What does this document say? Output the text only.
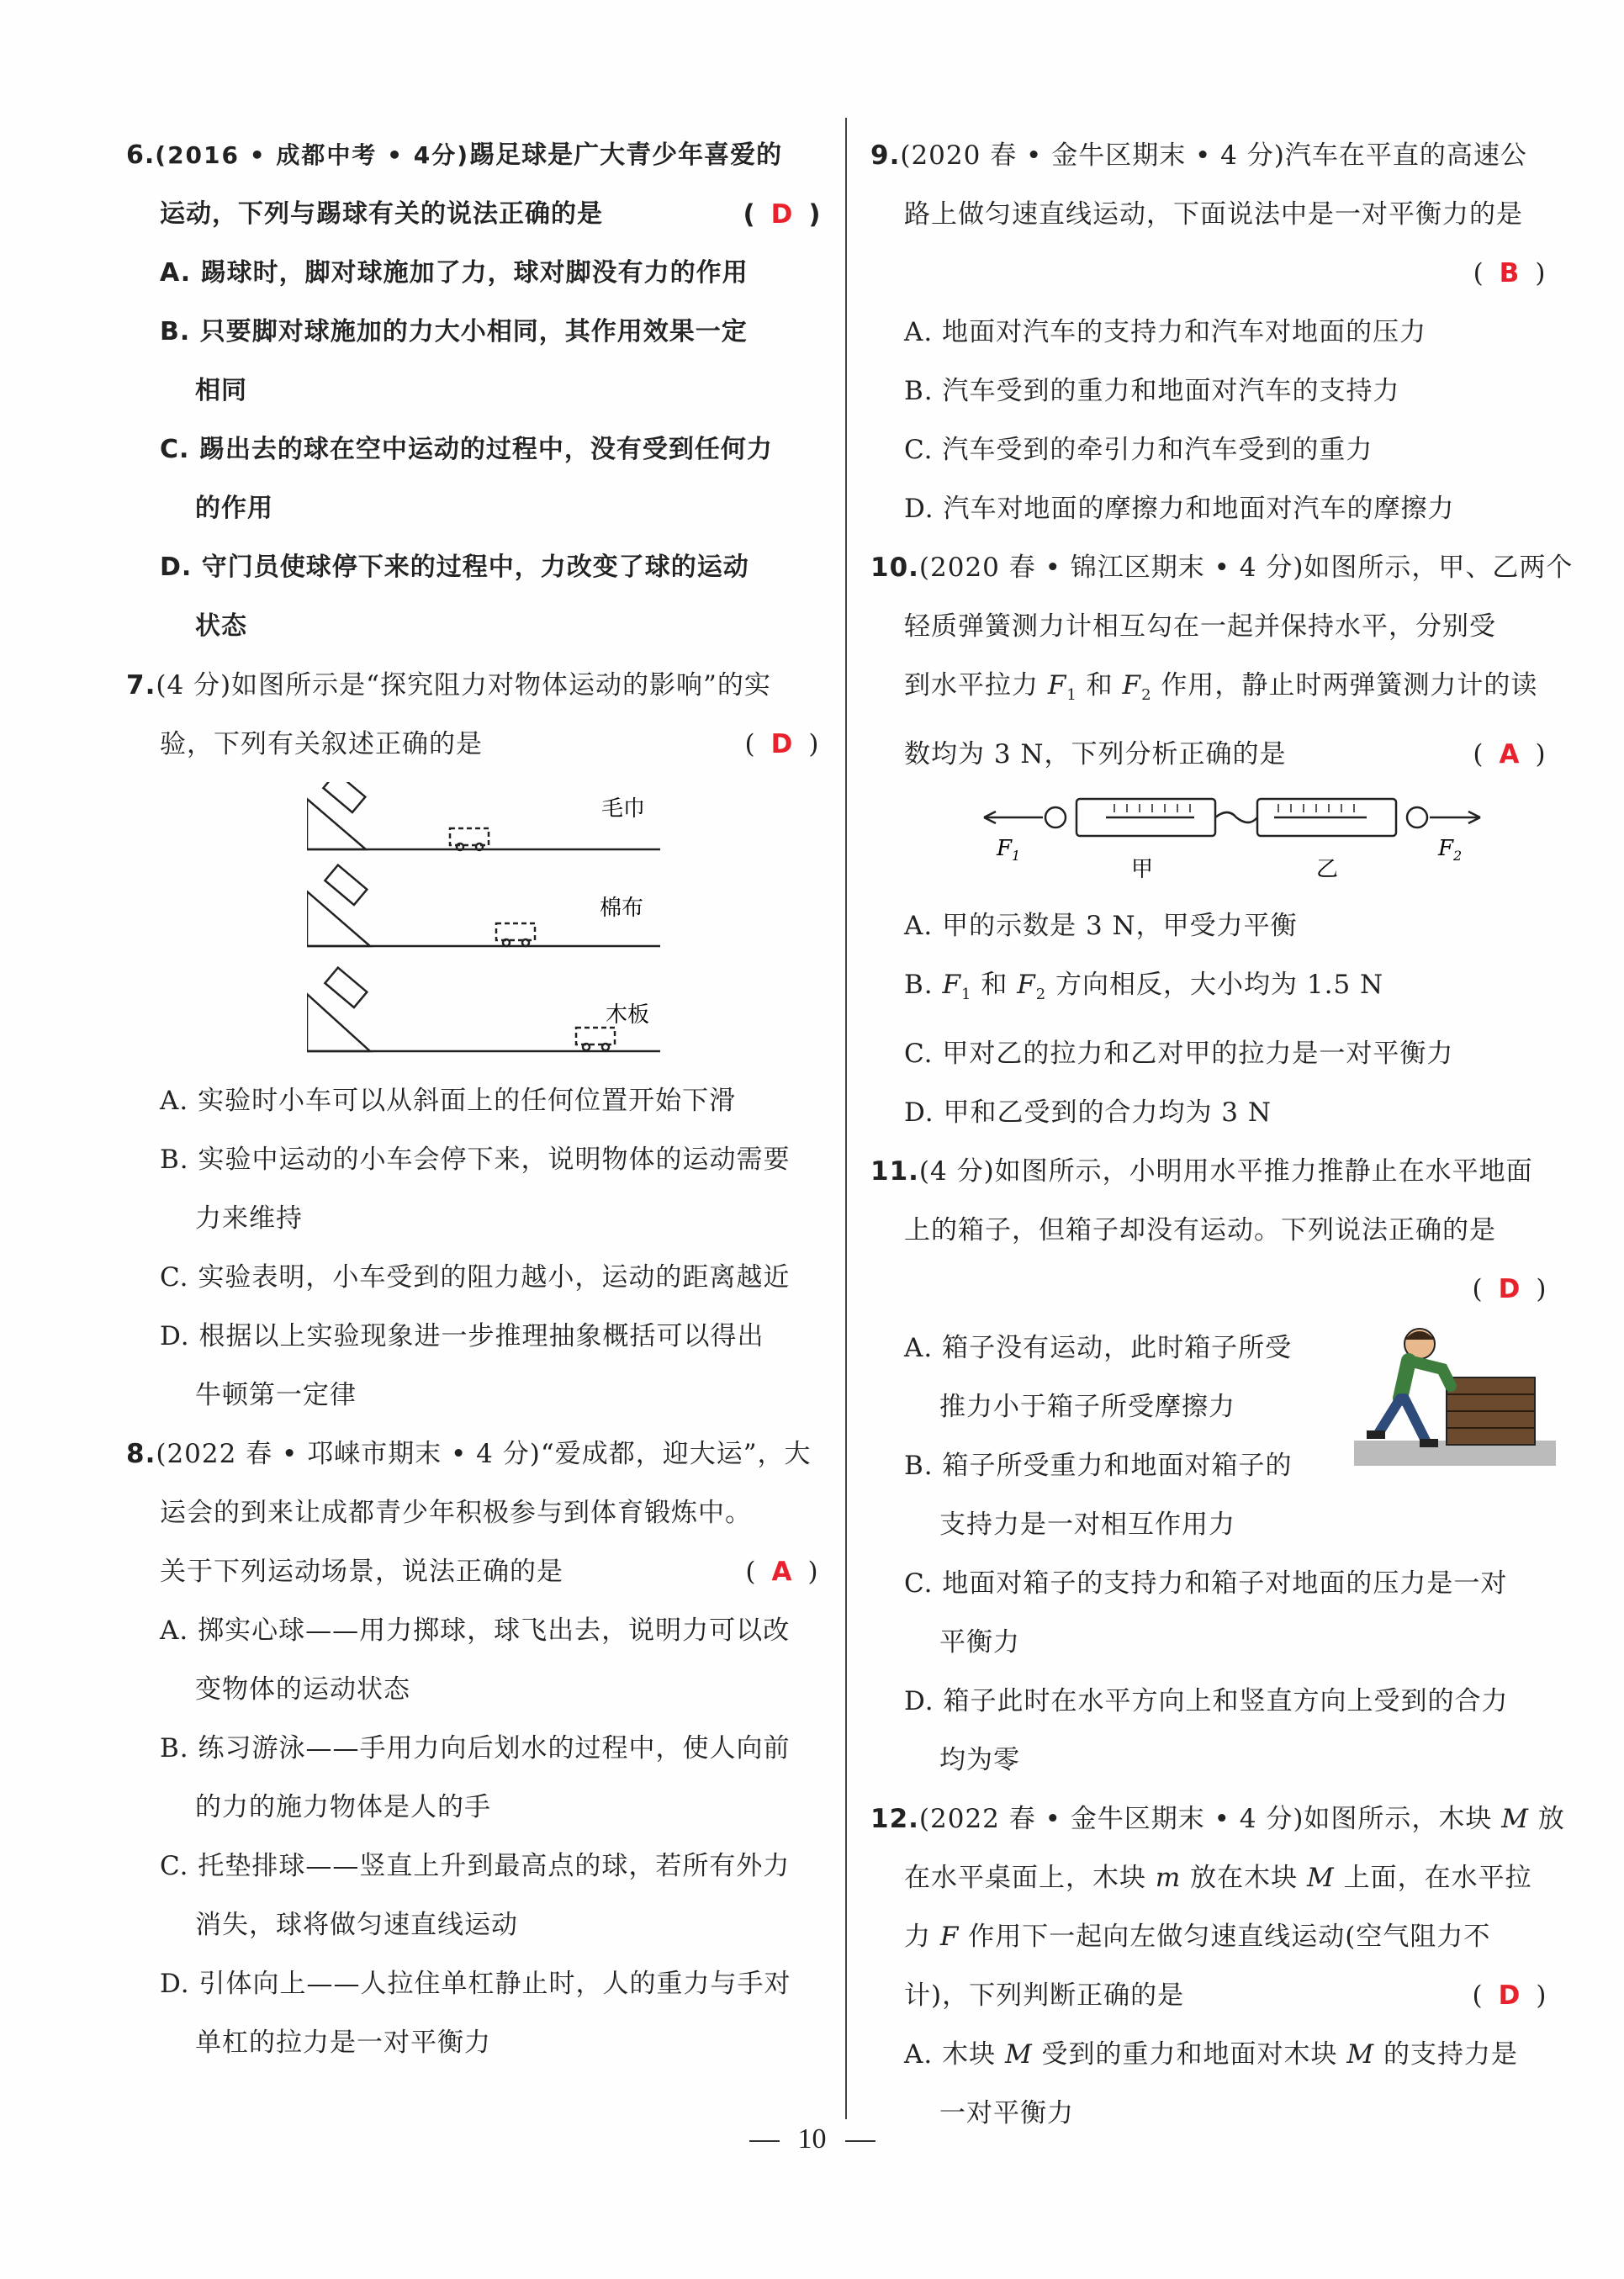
6.(2016 • 成都中考 • 4分)踢足球是广大青少年喜爱的
运动，下列与踢球有关的说法正确的是	( D )
A. 踢球时，脚对球施加了力，球对脚没有力的作用
B. 只要脚对球施加的力大小相同，其作用效果一定
相同
C. 踢出去的球在空中运动的过程中，没有受到任何力
的作用
D. 守门员使球停下来的过程中，力改变了球的运动
状态
7.(4 分)如图所示是“探究阻力对物体运动的影响”的实
验，下列有关叙述正确的是	( D )
毛巾
棉布
木板
A. 实验时小车可以从斜面上的任何位置开始下滑
B. 实验中运动的小车会停下来，说明物体的运动需要
力来维持
C. 实验表明，小车受到的阻力越小，运动的距离越近
D. 根据以上实验现象进一步推理抽象概括可以得出
牛顿第一定律
8.(2022 春 • 邛崃市期末 • 4 分)“爱成都，迎大运”，大
运会的到来让成都青少年积极参与到体育锻炼中。
关于下列运动场景，说法正确的是	( A )
A. 掷实心球——用力掷球，球飞出去，说明力可以改
变物体的运动状态
B. 练习游泳——手用力向后划水的过程中，使人向前
的力的施力物体是人的手
C. 托垫排球——竖直上升到最高点的球，若所有外力
消失，球将做匀速直线运动
D. 引体向上——人拉住单杠静止时，人的重力与手对
单杠的拉力是一对平衡力
9.(2020 春 • 金牛区期末 • 4 分)汽车在平直的高速公
路上做匀速直线运动，下面说法中是一对平衡力的是
( B )
A. 地面对汽车的支持力和汽车对地面的压力
B. 汽车受到的重力和地面对汽车的支持力
C. 汽车受到的牵引力和汽车受到的重力
D. 汽车对地面的摩擦力和地面对汽车的摩擦力
10.(2020 春 • 锦江区期末 • 4 分)如图所示，甲、乙两个
轻质弹簧测力计相互勾在一起并保持水平，分别受
到水平拉力 $F_1$ 和 $F_2$ 作用，静止时两弹簧测力计的读
数均为 3 N，下列分析正确的是	( A )
$F_1$
甲	乙
$F_2$
A. 甲的示数是 3 N，甲受力平衡
B. $F_1$ 和 $F_2$ 方向相反，大小均为 1.5 N
C. 甲对乙的拉力和乙对甲的拉力是一对平衡力
D. 甲和乙受到的合力均为 3 N
11.(4 分)如图所示，小明用水平推力推静止在水平地面
上的箱子，但箱子却没有运动。下列说法正确的是
( D )
A. 箱子没有运动，此时箱子所受
推力小于箱子所受摩擦力
B. 箱子所受重力和地面对箱子的
支持力是一对相互作用力
C. 地面对箱子的支持力和箱子对地面的压力是一对
平衡力
D. 箱子此时在水平方向上和竖直方向上受到的合力
均为零
12.(2022 春 • 金牛区期末 • 4 分)如图所示，木块 M 放
在水平桌面上，木块 m 放在木块 M 上面，在水平拉
力 F 作用下一起向左做匀速直线运动(空气阻力不
计)，下列判断正确的是	( D )
A. 木块 M 受到的重力和地面对木块 M 的支持力是
一对平衡力
10
